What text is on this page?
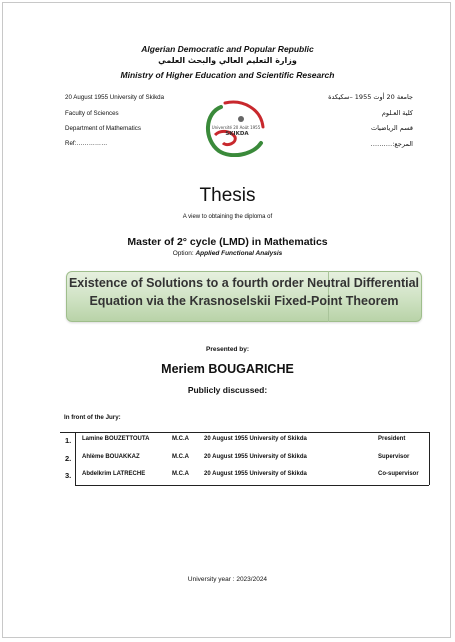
Algerian Democratic and Popular Republic
وزارة التعليم العالي والبحث العلمي
Ministry of Higher Education and Scientific Research
20 August 1955 University of Skikda
Faculty of Sciences
Department of Mathematics
Ref:……………
جامعة 20 أوت 1955 –سكيكدة
كلية العـلوم
قسم الرياضيات
المرجع:……….
Université 20 Août 1955
SKIKDA
Thesis
A view to obtaining the diploma of
Master of 2° cycle (LMD) in Mathematics
Option: Applied Functional Analysis
Existence of Solutions to a fourth order Neutral Differential
Equation via the Krasnoselskii Fixed-Point Theorem
Presented by:
Meriem BOUGARICHE
Publicly discussed:
In front of the Jury:
1. Lamine BOUZETTOUTA	M.C.A	20 August 1955 University of Skikda	President
2. Ahlème BOUAKKAZ	M.C.A	20 August 1955 University of Skikda	Supervisor
3. Abdelkrim LATRECHE	M.C.A	20 August 1955 University of Skikda	Co-supervisor
University year : 2023/2024
